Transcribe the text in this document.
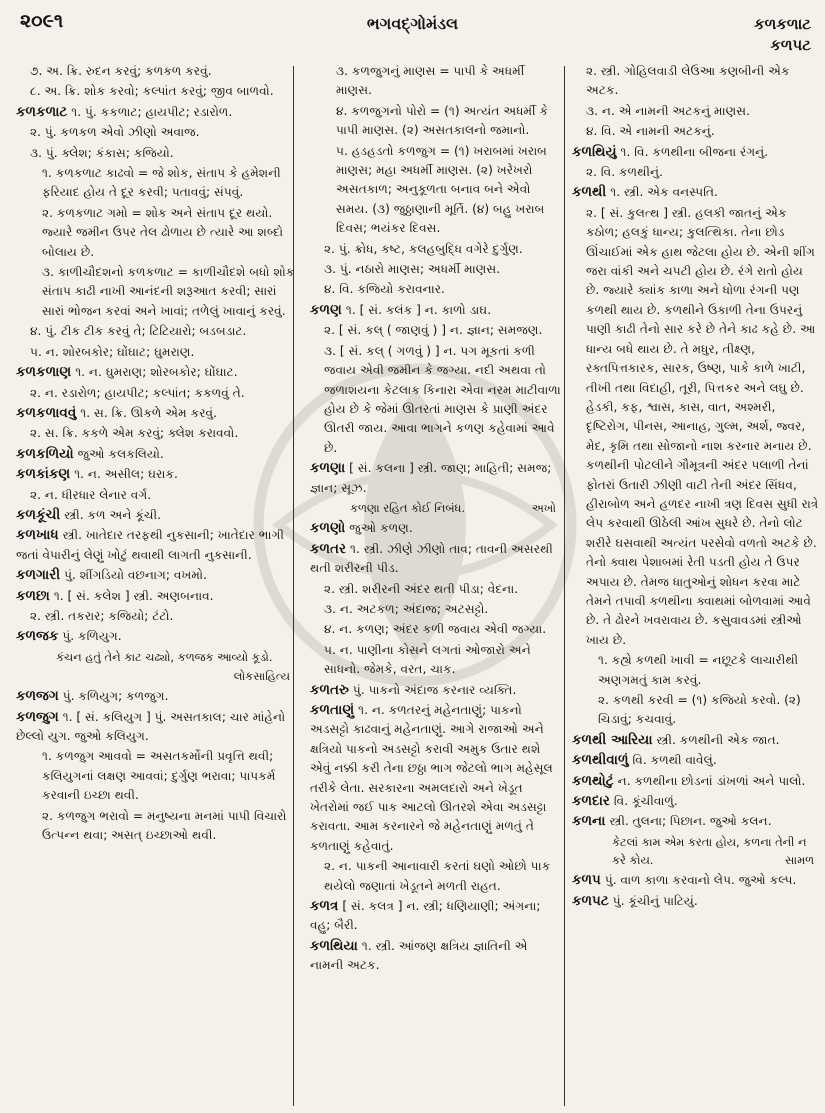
૨૦૯૧	ભગવદ્ગોમંડલ	કળકળાટ
કળપટ
૭. અ. ક્રિ. રુદન કરવું; કળકળ કરવું.
૮. અ. ક્રિ. શોક કરવો; કલ્પાંત કરવું; જીવ બાળવો.
કળકળાટ ૧. પું. કકળાટ; હાયપીટ; રડારોળ.
૨. પું. કળકળ એવો ઝીણો અવાજ.
૩. પું. ક્લેશ; કંકાસ; કજિયો.
૧. કળકળાટ કાઢવો = જે શોક, સંતાપ કે હમેશની ફરિયાદ હોય તે દૂર કરવી; પતાવવું; સંપવું.
૨. કળકળાટ ગમો = શોક અને સંતાપ દૂર થયો. જ્યારે જમીન ઉપર તેલ ઢોળાય છે ત્યારે આ શબ્દો બોલાય છે.
૩. કાળીચૌદશનો કળકળાટ = કાળીચૌદશે બધો શોક સંતાપ કાઢી નાખી આનંદની શરૂઆત કરવી; સારાં સારાં ભોજન કરવાં અને ખાવાં; તળેલું ખાવાનું કરવું.
૪. પું. ટીક ટીક કરવું તે; ટિટિયારો; બડબડાટ.
૫. ન. શોરબકોર; ઘોંઘાટ; ઘુમરાણ.
કળકળાણ ૧. ન. ઘુમરાણ; શોરબકોર; ઘોંઘાટ.
૨. ન. રડારોળ; હાયપીટ; કલ્પાંત; કકળવું તે.
કળકળાવવું ૧. સ. ક્રિ. ઊકળે એમ કરવું.
૨. સ. ક્રિ. કકળે એમ કરવું; ક્લેશ કરાવવો.
કળકળિયો જુઓ કલકલિયો.
કળકાંકણ ૧. ન. અસીલ; ઘરાક.
૨. ન. ધીરધાર લેનાર વર્ગ.
કળકૂંચી સ્ત્રી. કળ અને કૂંચી.
કળખાધ સ્ત્રી. ખાતેદાર તરફથી નુકસાની; ખાતેદાર ભાગી જતાં વેપારીનું લેણું ખોટું થવાથી લાગતી નુકસાની.
કળગારી પું. શીંગડિયો વછનાગ; વખમો.
કળછા ૧. [ સં. કલેશ ] સ્ત્રી. અણબનાવ.
૨. સ્ત્રી. તકરાર; કજિયો; ટંટો.
કળજક પું. કળિયુગ.
કંચન હતું તેને કાટ ચઢ્યો, કળજક આવ્યો કૂડો.
લોકસાહિત્ય
કળજગ પું. કળિયુગ; કળજુગ.
કળજુગ ૧. [ સં. કલિયુગ ] પું. અસતકાલ; ચાર માંહેનો છેલ્લો યુગ. જુઓ કલિયુગ.
૧. કળજુગ આવવો = અસતકર્મોની પ્રવૃત્તિ થવી; કલિયુગનાં લક્ષણ આવવાં; દુર્ગુણ ભરાવા; પાપકર્મ કરવાની ઇચ્છા થવી.
૨. કળજુગ ભરાવો = મનુષ્યના મનમાં પાપી વિચારો ઉત્પન્ન થવા; અસત્ ઇચ્છાઓ થવી.
૩. કળજુગનું માણસ = પાપી કે અધર્મી માણસ.
૪. કળજુગનો પોરો = (૧) અત્યંત અધર્મી કે પાપી માણસ. (૨) અસતકાલનો જમાનો.
૫. હડહડતો કળજુગ = (૧) ખરાબમાં ખરાબ માણસ; મહા અધર્મી માણસ. (૨) ખરેખરો અસતકાળ; અનુકૂળતા બનાવ બને એવો સમય. (૩) જુઠ્ઠાણાની મૂર્તિ. (૪) બહુ ખરાબ દિવસ; ભયંકર દિવસ.
૨. પું. ક્રોધ, કષ્ટ, કલહબુદ્ધિ વગેરે દુર્ગુણ.
૩. પું. નઠારો માણસ; અધર્મી માણસ.
૪. વિ. કજિયો કરાવનાર.
કળણ ૧. [ સં. કલંક ] ન. કાળો ડાઘ.
૨. [ સં. કલ્ ( જાણવું ) ] ન. જ્ઞાન; સમજણ.
૩. [ સં. કલ્ ( ગળવું ) ] ન. પગ મૂકતાં કળી જવાય એવી જમીન કે જગ્યા. નદી અથવા તો જળાશયના કેટલાક કિનારા એવા નરમ માટીવાળા હોય છે કે જેમાં ઊતરતાં માણસ કે પ્રાણી અંદર ઊતરી જાય. આવા ભાગને કળણ કહેવામાં આવે છે.
કળણા [ સં. કલના ] સ્ત્રી. જાણ; માહિતી; સમજ; જ્ઞાન; સૂઝ.
કળણા રહિત કોઈ નિબંધ.	અખો
કળણો જુઓ કળણ.
કળતર ૧. સ્ત્રી. ઝીણે ઝીણો તાવ; તાવની અસરથી થતી શરીરની પીડ.
૨. સ્ત્રી. શરીરની અંદર થતી પીડા; વેદના.
૩. ન. અટકળ; અંદાજ; અટસટ્ટો.
૪. ન. કળણ; અંદર કળી જવાય એવી જગ્યા.
૫. ન. પાણીના કોસને લગતાં ઓજારો અને સાધનો. જેમકે, વરત, ચાક.
કળતરુ પું. પાકનો અંદાજ કરનાર વ્યક્તિ.
કળતાણું ૧. ન. કળતરનું મહેનતાણું; પાકનો અડસટ્ટો કાઢવાનું મહેનતાણું. આગે રાજાઓ અને ક્ષત્રિયો પાકનો અડસટ્ટો કરાવી અમુક ઉતાર થશે એવું નક્કી કરી તેના છઠ્ઠા ભાગ જેટલો ભાગ મહેસૂલ તરીકે લેતા. સરકારના અમલદારો અને ખેડૂત ખેતરોમાં જઈ પાક આટલો ઊતરશે એવા અડસટ્ટા કરાવતા. આમ કરનારને જે મહેનતાણું મળતું તે કળતાણું કહેવાતું.
૨. ન. પાકની આનાવારી કરતાં ઘણો ઓછો પાક થયેલો જણાતાં ખેડૂતને મળતી રાહત.
કળત્ર [ સં. કલત્ર ] ન. સ્ત્રી; ધણિયાણી; અંગના; વહુ; બૈરી.
કળથિયા ૧. સ્ત્રી. આંજણ ક્ષત્રિય જ્ઞાતિની એ નામની અટક.
૨. સ્ત્રી. ગોહિલવાડી લેઉઆ કણબીની એક અટક.
૩. ન. એ નામની અટકનું માણસ.
૪. વિ. એ નામની અટકનું.
કળથિયું ૧. વિ. કળથીના બીજના રંગનું.
૨. વિ. કળથીનું.
કળથી ૧. સ્ત્રી. એક વનસ્પતિ.
૨. [ સં. કુલત્થ ] સ્ત્રી. હલકી જાતનું એક કઠોળ; હલકું ધાન્ય; કુલત્થિકા. તેના છોડ ઊંચાઈમાં એક હાથ જેટલા હોય છે. એની શીંગ જરા વાંકી અને ચપટી હોય છે. રંગે રાતો હોય છે. જ્યારે ક્યાંક કાળા અને ધોળા રંગની પણ કળથી થાય છે. કળથીને ઉકાળી તેના ઉપરનું પાણી કાઢી તેનો સાર કરે છે તેને કાઢ કહે છે. આ ધાન્ય બધે થાય છે. તે મધુર, તીક્ષ્ણ, રક્તપિત્તકારક, સારક, ઉષ્ણ, પાકે કાળે ખાટી, તીખી તથા વિદાહી, તૂરી, પિત્તકર અને લઘુ છે. હેડકી, કફ, શ્વાસ, કાસ, વાત, અશ્મરી, દૃષ્ટિરોગ, પીનસ, આનાહ, ગુલ્મ, અર્શ, જ્વર, મેદ, કૃમિ તથા સોજાનો નાશ કરનાર મનાય છે. કળથીની પોટલીને ગૌમૂત્રની અંદર પલાળી તેનાં ફોતરાં ઉતારી ઝીણી વાટી તેની અંદર સિંધવ, હીરાબોળ અને હળદર નાખી ત્રણ દિવસ સુધી રાત્રે લેપ કરવાથી ઊઠેલી આંખ સુધરે છે. તેનો લોટ શરીરે ઘસવાથી અત્યંત પરસેવો વળતો અટકે છે. તેનો ક્વાથ પેશાબમાં રેતી પડતી હોય તે ઉપર અપાય છે. તેમજ ધાતુઓનું શોધન કરવા માટે તેમને તપાવી કળથીના ક્વાથમાં બોળવામાં આવે છે. તે ઢોરને ખવરાવાય છે. કસુવાવડમાં સ્ત્રીઓ ખાય છે.
૧. કહ્યે કળથી ખાવી = નછૂટકે લાચારીથી અણગમતું કામ કરવું.
૨. કળથી કરવી = (૧) કજિયો કરવો. (૨) ચિડાવું; કચવાવું.
કળથી આરિયા સ્ત્રી. કળથીની એક જાત.
કળથીવાળું વિ. કળથી વાવેલું.
કળથોટું ન. કળથીના છોડનાં ડાંખળાં અને પાલો.
કળદાર વિ. કૂંચીવાળું.
કળના સ્ત્રી. તુલના; પિછાન. જુઓ કલન.
કેટલાં કામ એમ કરતા હોય, કળના તેની ન કરે કોય.	સામળ
કળપ પું. વાળ કાળા કરવાનો લેપ. જુઓ કલ્પ.
કળપટ પું. કૂંચીનું પાટિયું.
